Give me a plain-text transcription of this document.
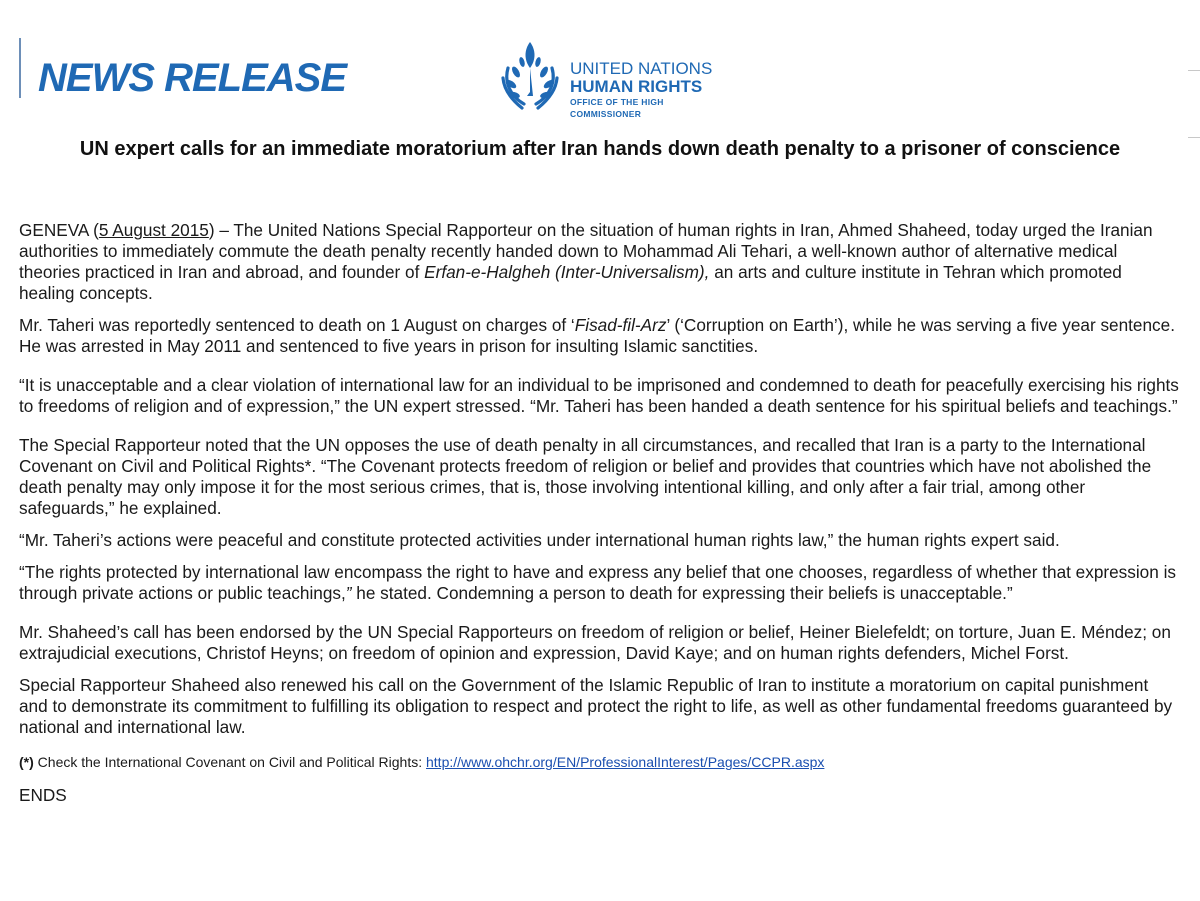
NEWS RELEASE	UNITED NATIONS
HUMAN RIGHTS
OFFICE OF THE HIGH COMMISSIONER
UN expert calls for an immediate moratorium after Iran hands down death penalty to a prisoner of conscience

GENEVA (5 August 2015) – The United Nations Special Rapporteur on the situation of human rights in Iran, Ahmed Shaheed, today urged the Iranian authorities to immediately commute the death penalty recently handed down to Mohammad Ali Tehari, a well-known author of alternative medical theories practiced in Iran and abroad, and founder of Erfan-e-Halgheh (Inter-Universalism), an arts and culture institute in Tehran which promoted healing concepts.

Mr. Taheri was reportedly sentenced to death on 1 August on charges of ‘Fisad-fil-Arz’ (‘Corruption on Earth’), while he was serving a five year sentence. He was arrested in May 2011 and sentenced to five years in prison for insulting Islamic sanctities.

“It is unacceptable and a clear violation of international law for an individual to be imprisoned and condemned to death for peacefully exercising his rights to freedoms of religion and of expression,” the UN expert stressed. “Mr. Taheri has been handed a death sentence for his spiritual beliefs and teachings.”

The Special Rapporteur noted that the UN opposes the use of death penalty in all circumstances, and recalled that Iran is a party to the International Covenant on Civil and Political Rights*. “The Covenant protects freedom of religion or belief and provides that countries which have not abolished the death penalty may only impose it for the most serious crimes, that is, those involving intentional killing, and only after a fair trial, among other safeguards,” he explained.

“Mr. Taheri’s actions were peaceful and constitute protected activities under international human rights law,” the human rights expert said.

“The rights protected by international law encompass the right to have and express any belief that one chooses, regardless of whether that expression is through private actions or public teachings,” he stated. Condemning a person to death for expressing their beliefs is unacceptable.”

Mr. Shaheed’s call has been endorsed by the UN Special Rapporteurs on freedom of religion or belief, Heiner Bielefeldt; on torture, Juan E. Méndez; on extrajudicial executions, Christof Heyns; on freedom of opinion and expression, David Kaye; and on human rights defenders, Michel Forst.

Special Rapporteur Shaheed also renewed his call on the Government of the Islamic Republic of Iran to institute a moratorium on capital punishment and to demonstrate its commitment to fulfilling its obligation to respect and protect the right to life, as well as other fundamental freedoms guaranteed by national and international law.

(*) Check the International Covenant on Civil and Political Rights: http://www.ohchr.org/EN/ProfessionalInterest/Pages/CCPR.aspx

ENDS
